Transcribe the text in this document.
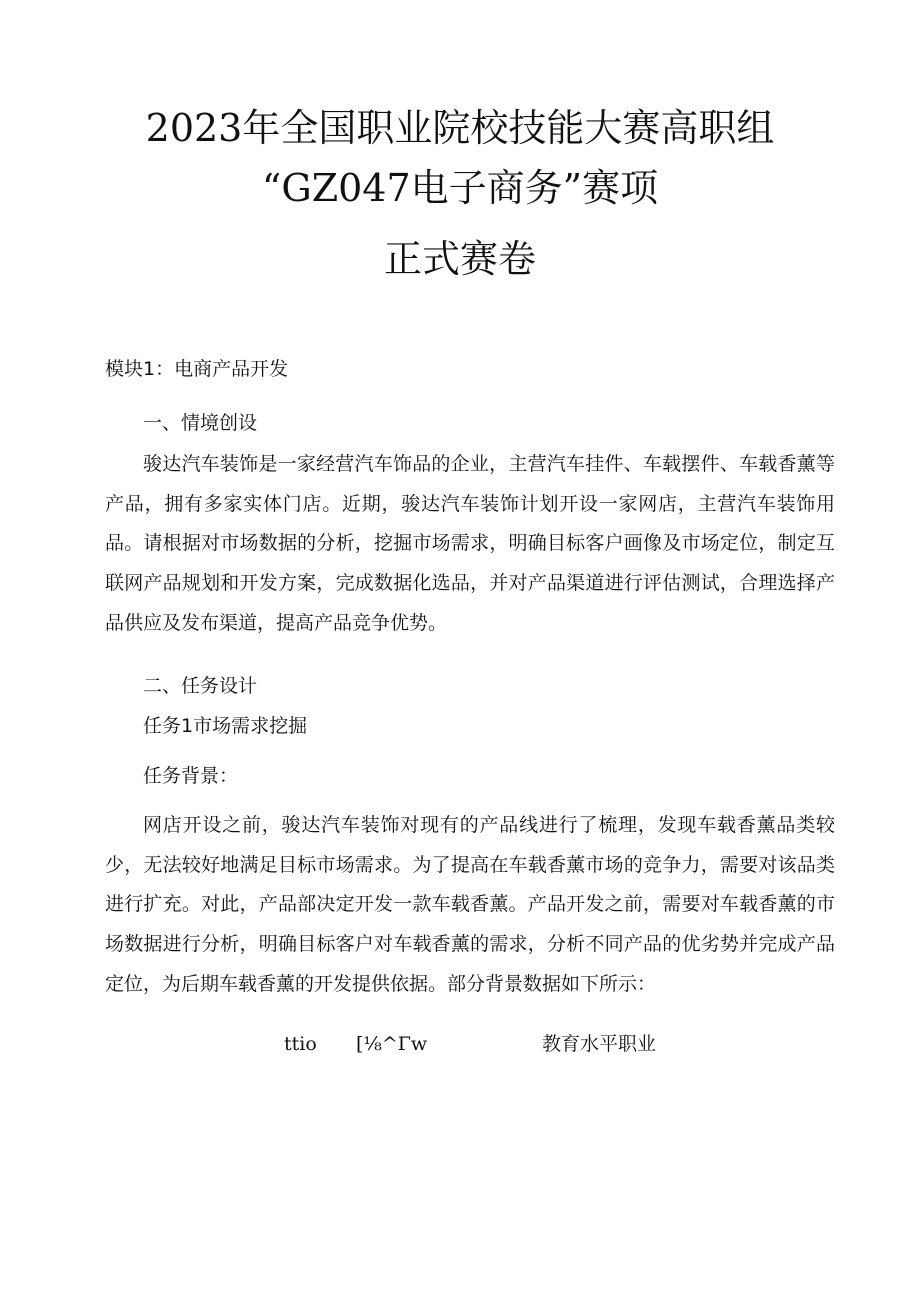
2023年全国职业院校技能大赛高职组
“GZ047电子商务”赛项
正式赛卷
模块1：电商产品开发
一、情境创设
骏达汽车装饰是一家经营汽车饰品的企业，主营汽车挂件、车载摆件、车载香薰等产品，拥有多家实体门店。近期，骏达汽车装饰计划开设一家网店，主营汽车装饰用品。请根据对市场数据的分析，挖掘市场需求，明确目标客户画像及市场定位，制定互联网产品规划和开发方案，完成数据化选品，并对产品渠道进行评估测试，合理选择产品供应及发布渠道，提高产品竞争优势。
二、任务设计
任务1市场需求挖掘
任务背景：
网店开设之前，骏达汽车装饰对现有的产品线进行了梳理，发现车载香薰品类较少，无法较好地满足目标市场需求。为了提高在车载香薰市场的竞争力，需要对该品类进行扩充。对此，产品部决定开发一款车载香薰。产品开发之前，需要对车载香薰的市场数据进行分析，明确目标客户对车载香薰的需求，分析不同产品的优劣势并完成产品定位，为后期车载香薰的开发提供依据。部分背景数据如下所示：
ttio [⅛^Γw	教育水平职业
